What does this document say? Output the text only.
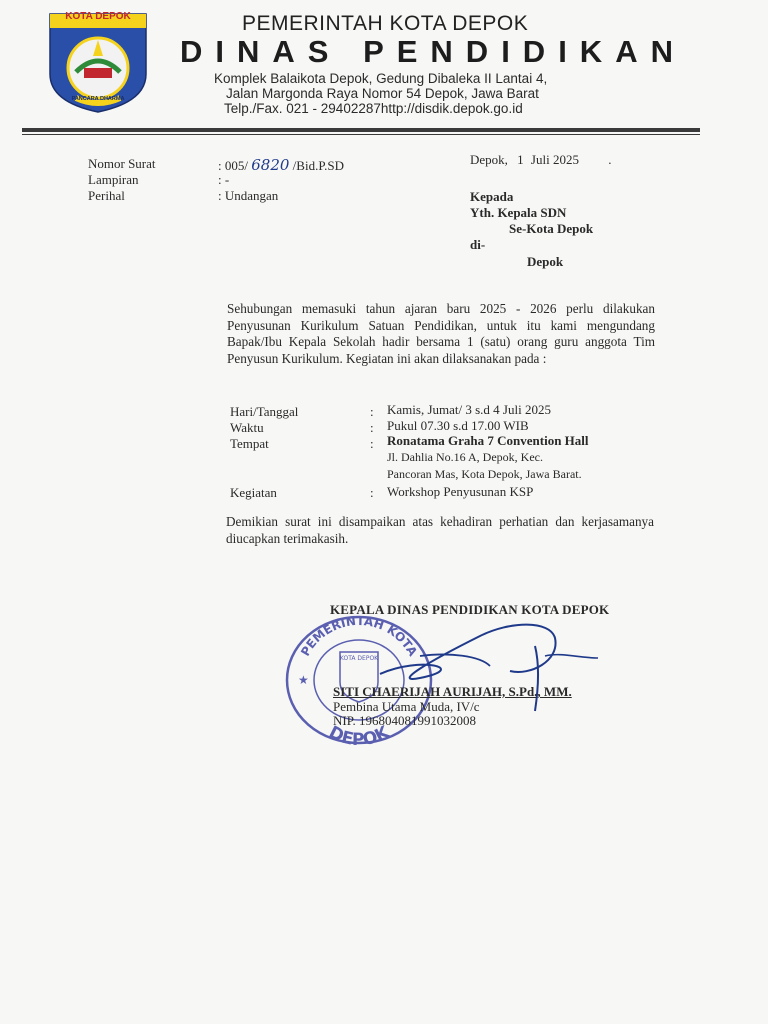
KOTA DEPOK
PANCARA DHARMA
PEMERINTAH KOTA DEPOK
DINAS PENDIDIKAN
Komplek Balaikota Depok, Gedung Dibaleka II Lantai 4,
Jalan Margonda Raya Nomor 54 Depok, Jawa Barat
Telp./Fax. 021 - 29402287http://disdik.depok.go.id
Nomor Surat	: 005/ 6820 /Bid.P.SD
Lampiran	: -
Perihal	: Undangan
Depok, 1 Juli 2025 .
Kepada
Yth. Kepala SDN
Se-Kota Depok
di-
Depok
Sehubungan memasuki tahun ajaran baru 2025 - 2026 perlu dilakukan Penyusunan Kurikulum Satuan Pendidikan, untuk itu kami mengundang Bapak/Ibu Kepala Sekolah hadir bersama 1 (satu) orang guru anggota Tim Penyusun Kurikulum. Kegiatan ini akan dilaksanakan pada :
Hari/Tanggal	: Kamis, Jumat/ 3 s.d 4 Juli 2025
Waktu	: Pukul 07.30 s.d 17.00 WIB
Tempat	: Ronatama Graha 7 Convention Hall
Jl. Dahlia No.16 A, Depok, Kec.
Pancoran Mas, Kota Depok, Jawa Barat.
Kegiatan	: Workshop Penyusunan KSP
Demikian surat ini disampaikan atas kehadiran perhatian dan kerjasamanya diucapkan terimakasih.
KEPALA DINAS PENDIDIKAN KOTA DEPOK
PEMERINTAH KOTA
DEPOK
★
KOTA DEPOK
SITI CHAERIJAH AURIJAH, S.Pd., MM.
Pembina Utama Muda, IV/c
NIP. 196804081991032008
